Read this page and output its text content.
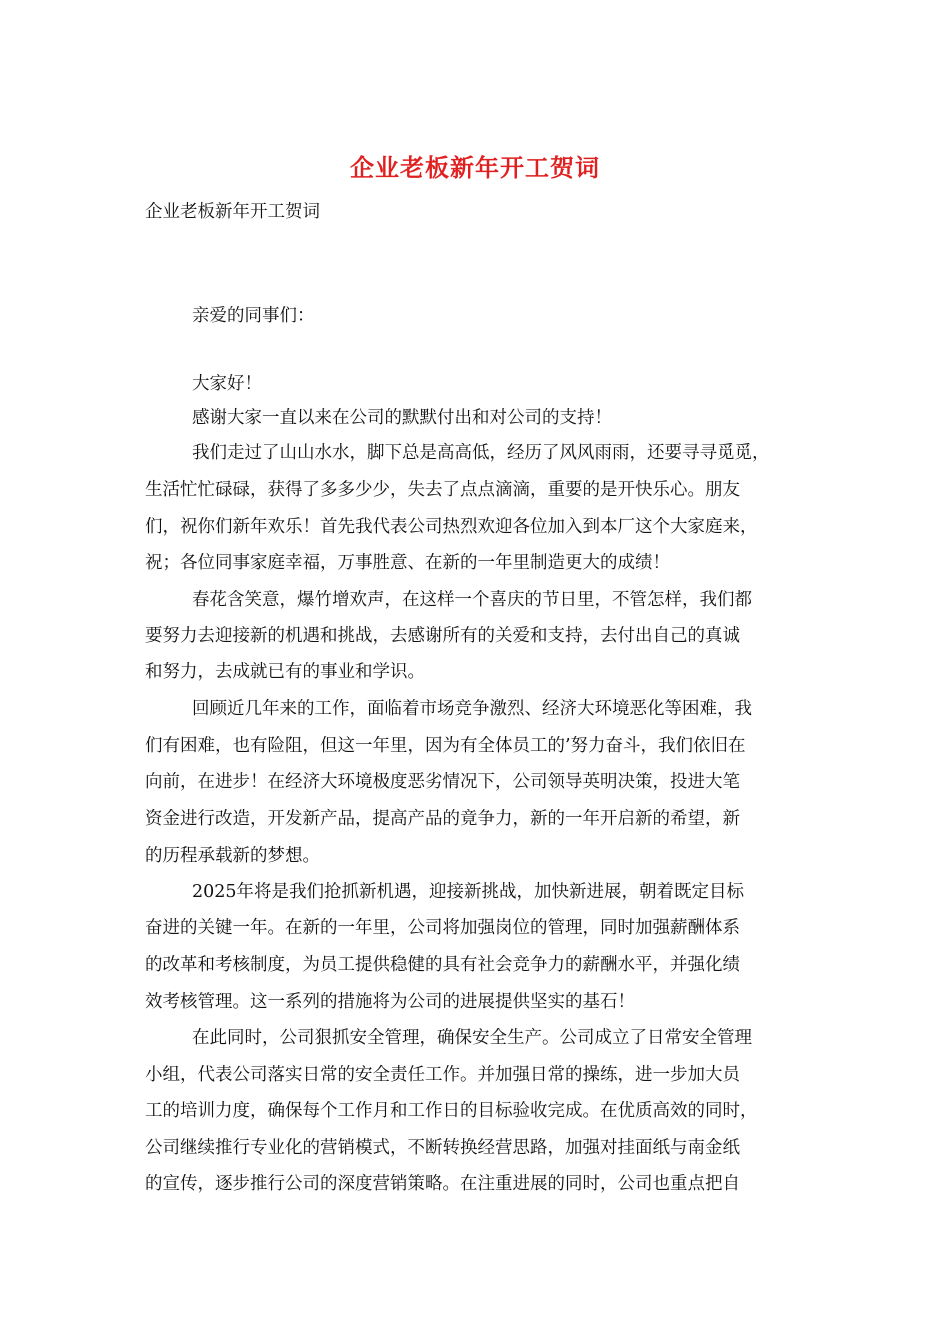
企业老板新年开工贺词
企业老板新年开工贺词
亲爱的同事们：
大家好！
感谢大家一直以来在公司的默默付出和对公司的支持！
我们走过了山山水水，脚下总是高高低，经历了风风雨雨，还要寻寻觅觅，
生活忙忙碌碌，获得了多多少少，失去了点点滴滴，重要的是开快乐心。朋友
们，祝你们新年欢乐！首先我代表公司热烈欢迎各位加入到本厂这个大家庭来，
祝；各位同事家庭幸福，万事胜意、在新的一年里制造更大的成绩！
春花含笑意，爆竹增欢声，在这样一个喜庆的节日里，不管怎样，我们都
要努力去迎接新的机遇和挑战，去感谢所有的关爱和支持，去付出自己的真诚
和努力，去成就已有的事业和学识。
回顾近几年来的工作，面临着市场竞争激烈、经济大环境恶化等困难，我
们有困难，也有险阻，但这一年里，因为有全体员工的’努力奋斗，我们依旧在
向前，在进步！在经济大环境极度恶劣情况下，公司领导英明决策，投进大笔
资金进行改造，开发新产品，提高产品的竟争力，新的一年开启新的希望，新
的历程承载新的梦想。
2025年将是我们抢抓新机遇，迎接新挑战，加快新进展，朝着既定目标
奋进的关键一年。在新的一年里，公司将加强岗位的管理，同时加强薪酬体系
的改革和考核制度，为员工提供稳健的具有社会竞争力的薪酬水平，并强化绩
效考核管理。这一系列的措施将为公司的进展提供坚实的基石！
在此同时，公司狠抓安全管理，确保安全生产。公司成立了日常安全管理
小组，代表公司落实日常的安全责任工作。并加强日常的操练，进一步加大员
工的培训力度，确保每个工作月和工作日的目标验收完成。在优质高效的同时，
公司继续推行专业化的营销模式，不断转换经营思路，加强对挂面纸与南金纸
的宣传，逐步推行公司的深度营销策略。在注重进展的同时，公司也重点把自
